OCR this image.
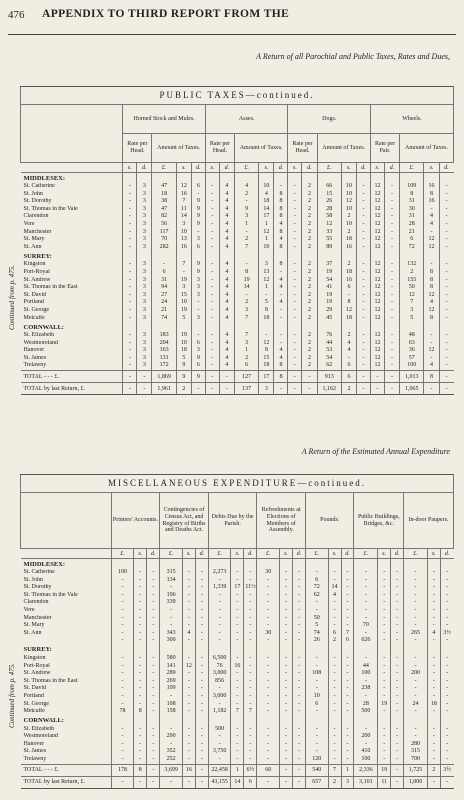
476 APPENDIX TO THIRD REPORT FROM THE
A Return of all Parochial and Public Taxes, Rates and Dues,
Continued from p. 475.
PUBLIC TAXES—continued.																				
	Horned Stock and Mules.					Asses.					Dogs.					Wheels.				
	Rate per Head.		Amount of Taxes.			Rate per Head.		Amount of Taxes.			Rate per Head.		Amount of Taxes.			Rate per Pair.		Amount of Taxes.		
	s.	d.	£.	s.	d.	s.	d.	£.	s.	d.	s.	d.	£.	s.	d.	s.	d.	£.	s.	d.
MIDDLESEX:																				
St. Catherine	-	3	47	12	6	-	4	4	10	-	-	2	66	10	-	12	-	109	16	-
St. John	-	3	18	16	-	-	4	2	4	8	-	2	15	10	-	12	-	8	8	-
St. Dorothy	-	3	38	7	9	-	4	-	18	8	-	2	26	12	-	12	-	31	16	-
St. Thomas in the Vale	-	3	47	11	9	-	4	9	14	8	-	2	28	10	-	12	-	30	-	-
Clarendon	-	3	82	14	9	-	4	3	17	8	-	2	58	2	-	12	-	31	4	-
Vere	-	3	56	3	9	-	4	1	1	4	-	2	12	10	-	12	-	28	4	-
Manchester	-	3	117	10	-	-	4	-	12	8	-	2	33	2	-	12	-	21	-	-
St. Mary	-	3	70	13	3	-	4	2	1	4	-	2	55	18	-	12	-	6	12	-
St. Ann	-	3	282	16	6	-	4	7	10	8	-	2	89	16	-	12	-	72	12	-
SURREY:																				
Kingston	-	3	-	7	9	-	4	-	3	8	-	2	37	2	-	12	-	132	-	-
Port-Royal	-	3	6	-	9	-	4	8	13	-	-	2	19	18	-	12	-	2	8	-
St. Andrew	-	3	31	19	3	-	4	19	12	4	-	2	54	16	-	12	-	155	8	-
St. Thomas in the East	-	3	94	3	3	-	4	14	1	4	-	2	41	6	-	12	-	50	8	-
St. David	-	3	27	15	3	-	4	-	-	-	-	2	19	-	-	12	-	12	12	-
Portland	-	3	24	10	-	-	4	2	5	4	-	2	19	8	-	12	-	7	4	-
St. George	-	3	21	19	-	-	4	3	8	-	-	2	29	12	-	12	-	3	12	-
Metcalfe	-	3	74	5	3	-	4	7	18	-	-	2	45	18	-	12	-	5	8	-
CORNWALL:																				
St. Elizabeth	-	3	183	19	-	-	4	7	-	-	-	2	76	2	-	12	-	48	-	-
Westmoreland	-	3	204	10	6	-	4	3	12	-	-	2	44	4	-	12	-	63	-	-
Hanover	-	3	163	18	3	-	4	1	8	4	-	2	53	4	-	12	-	36	12	-
St. James	-	3	131	5	9	-	4	2	15	4	-	2	54	-	-	12	-	57	-	-
Trelawny	-	3	172	9	6	-	4	6	18	8	-	2	62	6	-	12	-	100	4	-
TOTAL - - - £.	-	-	1,869	9	9	-	-	127	17	8	-	-	913	6	-	-	-	1,013	8	-
TOTAL by last Return, £.	-	-	1,961	2	-	-	-	137	3	-	-	-	1,162	2	-	-	-	1,065	-	-
A Return of the Estimated Annual Expenditure
Continued from p. 475.
MISCELLANEOUS EXPENDITURE—continued.																					
	Printers' Accounts.			Contingencies of Census Act, and Registry of Births and Deaths Act.			Debts Due by the Parish.			Refreshments at Elections of Members of Assembly.			Pounds.			Public Buildings, Bridges, &c.			In-door Paupers.		
	£.	s.	d.	£.	s.	d.	£.	s.	d.	£.	s.	d.	£.	s.	d.	£.	s.	d.	£.	s.	d.
MIDDLESEX:																					
St. Catherine	100	-	-	315	-	-	2,273	-	-	30	-	-	-	-	-	-	-	-	-	-	-
St. John	-	-	-	134	-	-	-	-	-	-	-	-	6	-	-	-	-	-	-	-	-
St. Dorothy	-	-	-	-	-	-	1,339	17	11½	-	-	-	72	14	-	-	-	-	-	-	-
St. Thomas in the Vale	-	-	-	196	-	-	-	-	-	-	-	-	62	4	-	-	-	-	-	-	-
Clarendon	-	-	-	339	-	-	-	-	-	-	-	-	-	-	-	-	-	-	-	-	-
Vere	-	-	-	-	-	-	-	-	-	-	-	-	-	-	-	-	-	-	-	-	-
Manchester	-	-	-	-	-	-	-	-	-	-	-	-	50	-	-	-	-	-	-	-	-
St. Mary	-	-	-	-	-	-	-	-	-	-	-	-	5	-	-	70	-	-	-	-	-
St. Ann	-	-	-	343	4	-	-	-	-	30	-	-	74	6	7	-	-	-	265	4	3½
	-	-	-	300	-	-	-	-	-	-	-	-	26	2	6	626	-	-	-	-	-
SURREY:																					
Kingston	-	-	-	580	-	-	6,500	-	-	-	-	-	-	-	-	-	-	-	-	-	-
Port-Royal	-	-	-	141	12	-	76	16	-	-	-	-	-	-	-	44	-	-	-	-	-
St. Andrew	-	-	-	289	-	-	3,000	-	-	-	-	-	108	-	-	100	-	-	200	-	-
St. Thomas in the East	-	-	-	269	-	-	856	-	-	-	-	-	-	-	-	-	-	-	-	-	-
St. David	-	-	-	109	-	-	-	-	-	-	-	-	-	-	-	238	-	-	-	-	-
Portland	-	-	-	-	-	-	3,000	-	-	-	-	-	10	-	-	-	-	-	-	-	-
St. George	-	-	-	108	-	-	-	-	-	-	-	-	6	-	-	28	19	-	24	18	-
Metcalfe	78	8	-	158	-	-	1,182	7	7	-	-	-	-	-	-	500	-	-	-	-	-
CORNWALL:																					
St. Elizabeth	-	-	-	-	-	-	500	-	-	-	-	-	-	-	-	-	-	-	-	-	-
Westmoreland	-	-	-	290	-	-	-	-	-	-	-	-	-	-	-	200	-	-	-	-	-
Hanover	-	-	-	-	-	-	-	-	-	-	-	-	-	-	-	-	-	-	280	-	-
St. James	-	-	-	352	-	-	3,750	-	-	-	-	-	-	-	-	410	-	-	315	-	-
Trelawny	-	-	-	252	-	-	-	-	-	-	-	-	120	-	-	100	-	-	700	-	-
TOTAL - - - £.	178	8	-	3,699	16	-	22,458	1	6½	60	-	-	540	7	1	2,336	19	-	1,725	2	3½
TOTAL by last Return, £.	-	-	-	-	-	-	43,155	14	6	-	-	-	657	2	3	3,101	11	-	1,000	-	-
